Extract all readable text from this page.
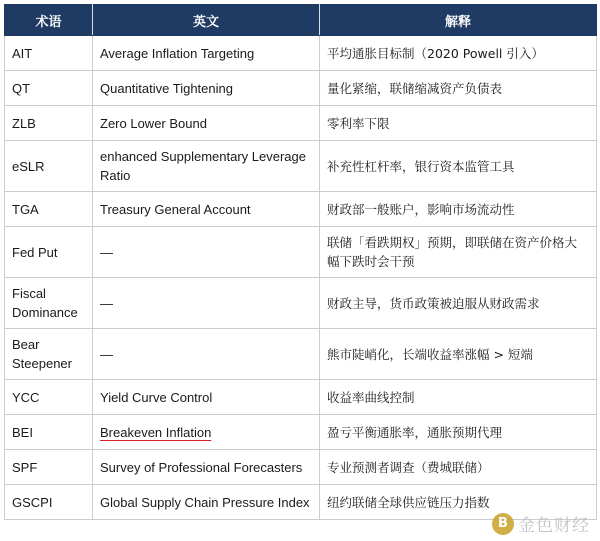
术语	英文	解释
AIT	Average Inflation Targeting	平均通胀目标制（2020 Powell 引入）
QT	Quantitative Tightening	量化紧缩，联储缩减资产负债表
ZLB	Zero Lower Bound	零利率下限
eSLR	enhanced Supplementary Leverage Ratio	补充性杠杆率，银行资本监管工具
TGA	Treasury General Account	财政部一般账户，影响市场流动性
Fed Put	—	联储「看跌期权」预期，即联储在资产价格大幅下跌时会干预
Fiscal Dominance	—	财政主导，货币政策被迫服从财政需求
Bear Steepener	—	熊市陡峭化，长端收益率涨幅 > 短端
YCC	Yield Curve Control	收益率曲线控制
BEI	Breakeven Inflation	盈亏平衡通胀率，通胀预期代理
SPF	Survey of Professional Forecasters	专业预测者调查（费城联储）
GSCPI	Global Supply Chain Pressure Index	纽约联储全球供应链压力指数
B 金色财经
